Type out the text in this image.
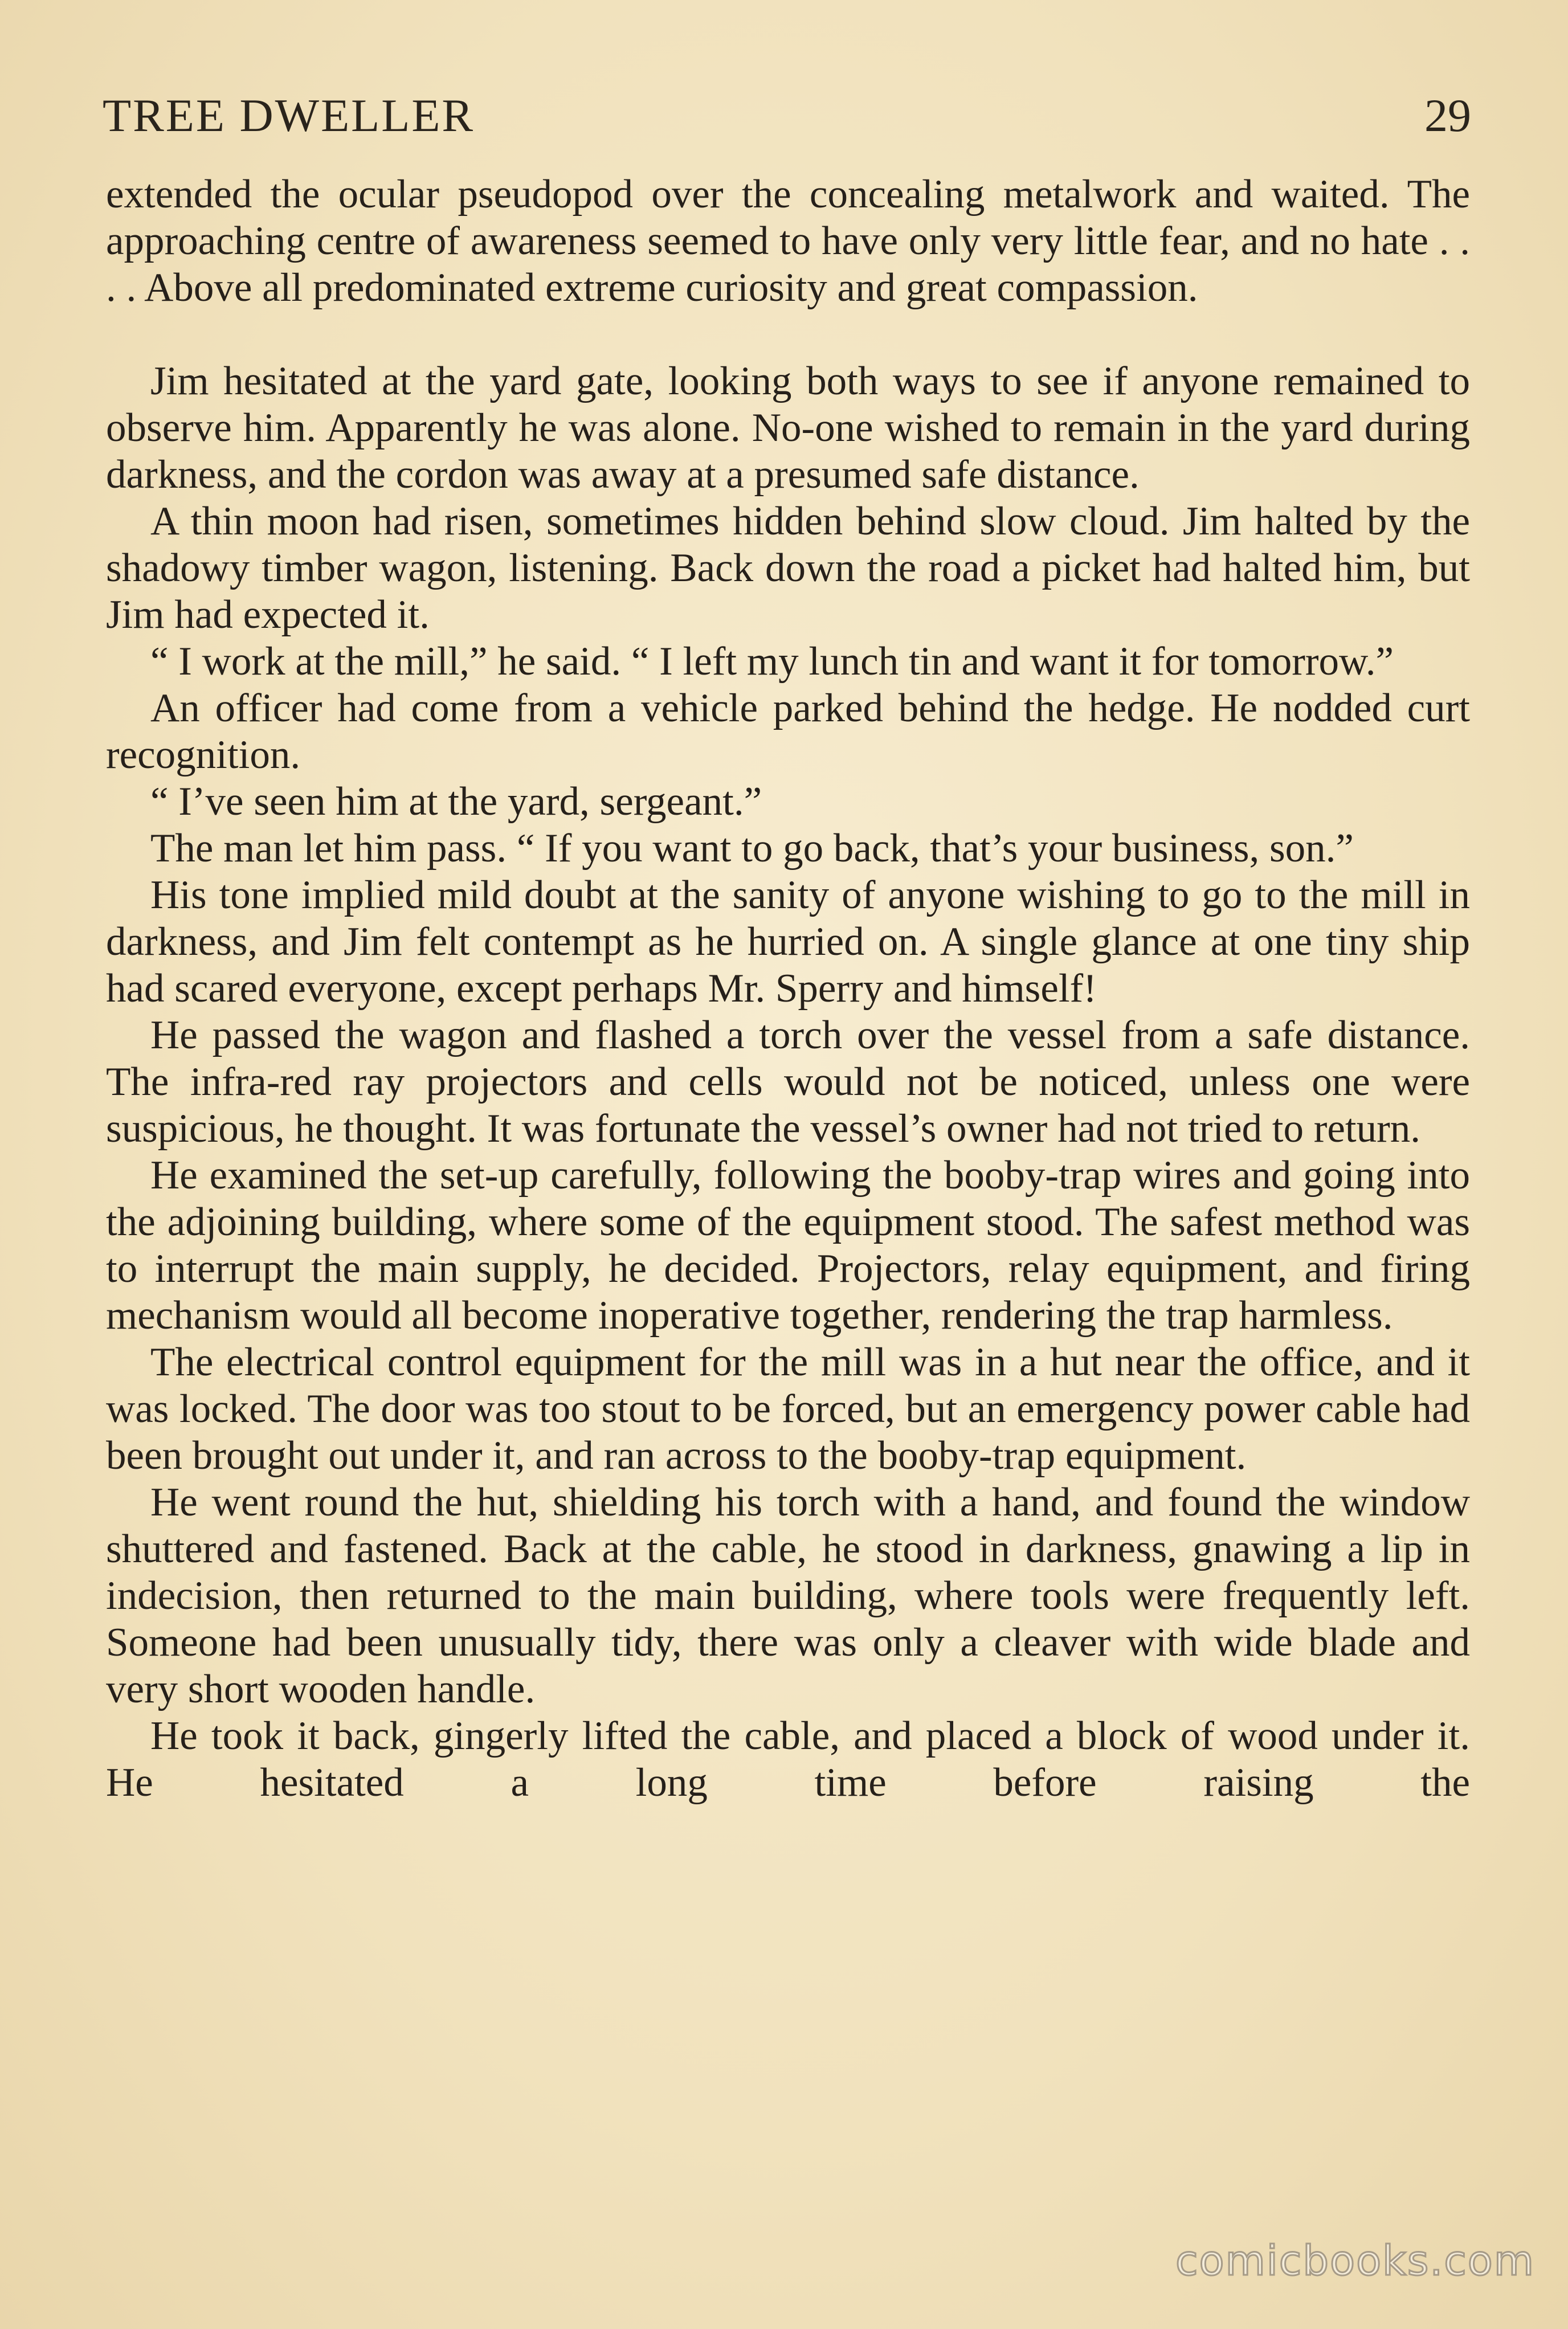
TREE DWELLER	29

extended the ocular pseudopod over the concealing metalwork and waited. The approaching centre of awareness seemed to have only very little fear, and no hate . . . . Above all predominated extreme curiosity and great compassion.

Jim hesitated at the yard gate, looking both ways to see if anyone remained to observe him. Apparently he was alone. No-one wished to remain in the yard during darkness, and the cordon was away at a presumed safe distance.

A thin moon had risen, sometimes hidden behind slow cloud. Jim halted by the shadowy timber wagon, listening. Back down the road a picket had halted him, but Jim had expected it.

“ I work at the mill,” he said. “ I left my lunch tin and want it for tomorrow.”

An officer had come from a vehicle parked behind the hedge. He nodded curt recognition.

“ I’ve seen him at the yard, sergeant.”

The man let him pass. “ If you want to go back, that’s your business, son.”

His tone implied mild doubt at the sanity of anyone wishing to go to the mill in darkness, and Jim felt contempt as he hurried on. A single glance at one tiny ship had scared everyone, except perhaps Mr. Sperry and himself!

He passed the wagon and flashed a torch over the vessel from a safe distance. The infra-red ray projectors and cells would not be noticed, unless one were suspicious, he thought. It was fortunate the vessel’s owner had not tried to return.

He examined the set-up carefully, following the booby-trap wires and going into the adjoining building, where some of the equipment stood. The safest method was to interrupt the main supply, he decided. Projectors, relay equipment, and firing mechanism would all become inoperative together, rendering the trap harmless.

The electrical control equipment for the mill was in a hut near the office, and it was locked. The door was too stout to be forced, but an emergency power cable had been brought out under it, and ran across to the booby-trap equipment.

He went round the hut, shielding his torch with a hand, and found the window shuttered and fastened. Back at the cable, he stood in darkness, gnawing a lip in indecision, then returned to the main building, where tools were frequently left. Someone had been unusually tidy, there was only a cleaver with wide blade and very short wooden handle.

He took it back, gingerly lifted the cable, and placed a block of wood under it. He hesitated a long time before raising the

comicbooks.com
